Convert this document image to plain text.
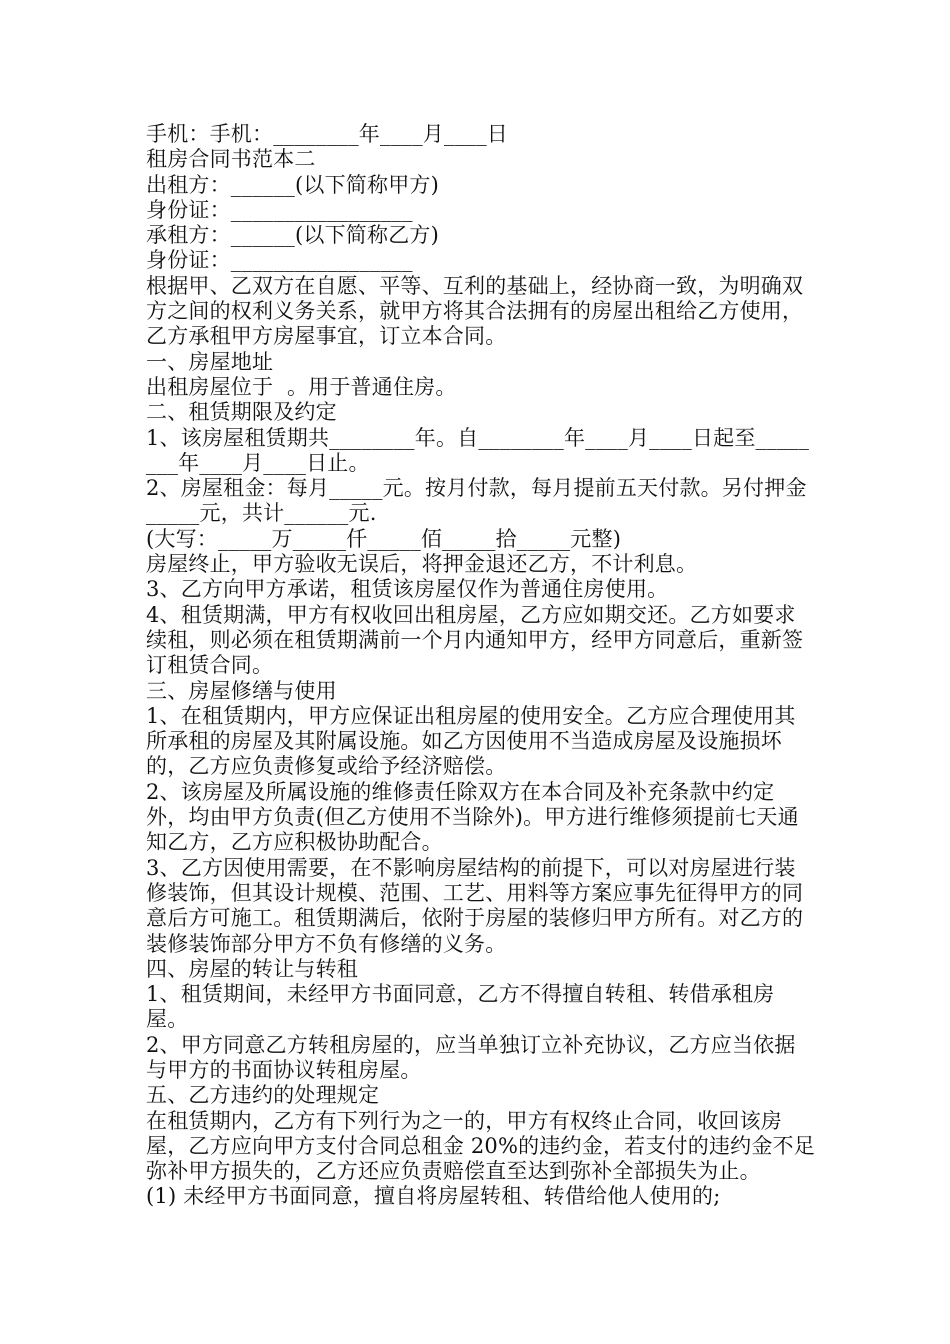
手机：手机：________年____月____日

租房合同书范本二

出租方：______(以下简称甲方)

身份证：_________________

承租方：______(以下简称乙方)

身份证：_________________

根据甲、乙双方在自愿、平等、互利的基础上，经协商一致，为明确双方之间的权利义务关系，就甲方将其合法拥有的房屋出租给乙方使用，乙方承租甲方房屋事宜，订立本合同。

一、房屋地址

出租房屋位于  。用于普通住房。

二、租赁期限及约定

1、该房屋租赁期共________年。自________年____月____日起至________年____月____日止。

2、房屋租金：每月_____元。按月付款，每月提前五天付款。另付押金_____元，共计______元.

(大写：_____万_____仟_____佰_____拾_____元整)

房屋终止，甲方验收无误后，将押金退还乙方，不计利息。

3、乙方向甲方承诺，租赁该房屋仅作为普通住房使用。

4、租赁期满，甲方有权收回出租房屋，乙方应如期交还。乙方如要求续租，则必须在租赁期满前一个月内通知甲方，经甲方同意后，重新签订租赁合同。

三、房屋修缮与使用

1、在租赁期内，甲方应保证出租房屋的使用安全。乙方应合理使用其所承租的房屋及其附属设施。如乙方因使用不当造成房屋及设施损坏的，乙方应负责修复或给予经济赔偿。

2、该房屋及所属设施的维修责任除双方在本合同及补充条款中约定外，均由甲方负责(但乙方使用不当除外)。甲方进行维修须提前七天通知乙方，乙方应积极协助配合。

3、乙方因使用需要，在不影响房屋结构的前提下，可以对房屋进行装修装饰，但其设计规模、范围、工艺、用料等方案应事先征得甲方的同意后方可施工。租赁期满后，依附于房屋的装修归甲方所有。对乙方的装修装饰部分甲方不负有修缮的义务。

四、房屋的转让与转租

1、租赁期间，未经甲方书面同意，乙方不得擅自转租、转借承租房屋。

2、甲方同意乙方转租房屋的，应当单独订立补充协议，乙方应当依据与甲方的书面协议转租房屋。

五、乙方违约的处理规定

在租赁期内，乙方有下列行为之一的，甲方有权终止合同，收回该房屋，乙方应向甲方支付合同总租金 20%的违约金，若支付的违约金不足弥补甲方损失的，乙方还应负责赔偿直至达到弥补全部损失为止。

(1) 未经甲方书面同意，擅自将房屋转租、转借给他人使用的;
